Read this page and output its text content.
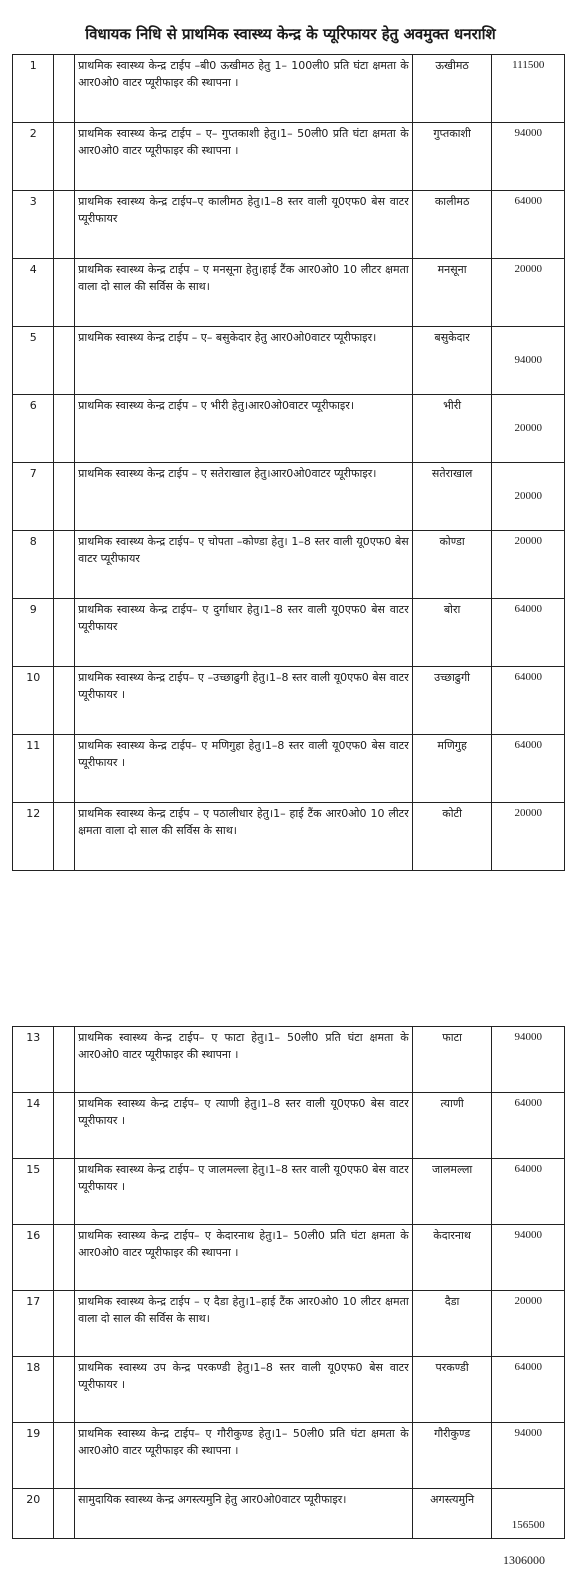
विधायक निधि से प्राथमिक स्वास्थ्य केन्द्र के प्यूरिफायर हेतु अवमुक्त धनराशि
1		प्राथमिक स्वास्थ्य केन्द्र टाईप –बी0 ऊखीमठ हेतु 1– 100ली0 प्रति घंटा क्षमता के आर0ओ0 वाटर प्यूरीफाइर की स्थापना ।	ऊखीमठ	111500
2		प्राथमिक स्वास्थ्य केन्द्र टाईप – ए– गुप्तकाशी हेतु।1– 50ली0 प्रति घंटा क्षमता के आर0ओ0 वाटर प्यूरीफाइर की स्थापना ।	गुप्तकाशी	94000
3		प्राथमिक स्वास्थ्य केन्द्र टाईप–ए कालीमठ हेतु।1–8 स्तर वाली यू0एफ0 बेस वाटर प्यूरीफायर	कालीमठ	64000
4		प्राथमिक स्वास्थ्य केन्द्र टाईप – ए मनसूना हेतु।हाई टैंक आर0ओ0 10 लीटर क्षमता वाला दो साल की सर्विस के साथ।	मनसूना	20000
5		प्राथमिक स्वास्थ्य केन्द्र टाईप – ए– बसुकेदार हेतु आर0ओ0वाटर प्यूरीफाइर।	बसुकेदार	94000
6		प्राथमिक स्वास्थ्य केन्द्र टाईप – ए भीरी हेतु।आर0ओ0वाटर प्यूरीफाइर।	भीरी	20000
7		प्राथमिक स्वास्थ्य केन्द्र टाईप – ए सतेराखाल हेतु।आर0ओ0वाटर प्यूरीफाइर।	सतेराखाल	20000
8		प्राथमिक स्वास्थ्य केन्द्र टाईप– ए चोपता –कोण्डा हेतु। 1–8 स्तर वाली यू0एफ0 बेस वाटर प्यूरीफायर	कोण्डा	20000
9		प्राथमिक स्वास्थ्य केन्द्र टाईप– ए दुर्गाधार हेतु।1–8 स्तर वाली यू0एफ0 बेस वाटर प्यूरीफायर	बोरा	64000
10		प्राथमिक स्वास्थ्य केन्द्र टाईप– ए –उच्छाढुगी हेतु।1–8 स्तर वाली यू0एफ0 बेस वाटर प्यूरीफायर ।	उच्छाढुगी	64000
11		प्राथमिक स्वास्थ्य केन्द्र टाईप– ए मणिगुहा हेतु।1–8 स्तर वाली यू0एफ0 बेस वाटर प्यूरीफायर ।	मणिगुह	64000
12		प्राथमिक स्वास्थ्य केन्द्र टाईप – ए पठालीधार हेतु।1– हाई टैंक आर0ओ0 10 लीटर क्षमता वाला दो साल की सर्विस के साथ।	कोटी	20000
13		प्राथमिक स्वास्थ्य केन्द्र टाईप– ए फाटा हेतु।1– 50ली0 प्रति घंटा क्षमता के आर0ओ0 वाटर प्यूरीफाइर की स्थापना ।	फाटा	94000
14		प्राथमिक स्वास्थ्य केन्द्र टाईप– ए त्याणी हेतु।1–8 स्तर वाली यू0एफ0 बेस वाटर प्यूरीफायर ।	त्याणी	64000
15		प्राथमिक स्वास्थ्य केन्द्र टाईप– ए जालमल्ला हेतु।1–8 स्तर वाली यू0एफ0 बेस वाटर प्यूरीफायर ।	जालमल्ला	64000
16		प्राथमिक स्वास्थ्य केन्द्र टाईप– ए केदारनाथ हेतु।1– 50ली0 प्रति घंटा क्षमता के आर0ओ0 वाटर प्यूरीफाइर की स्थापना ।	केदारनाथ	94000
17		प्राथमिक स्वास्थ्य केन्द्र टाईप – ए दैडा हेतु।1–हाई टैंक आर0ओ0 10 लीटर क्षमता वाला दो साल की सर्विस के साथ।	दैडा	20000
18		प्राथमिक स्वास्थ्य उप केन्द्र परकण्डी हेतु।1–8 स्तर वाली यू0एफ0 बेस वाटर प्यूरीफायर ।	परकण्डी	64000
19		प्राथमिक स्वास्थ्य केन्द्र टाईप– ए गौरीकुण्ड हेतु।1– 50ली0 प्रति घंटा क्षमता के आर0ओ0 वाटर प्यूरीफाइर की स्थापना ।	गौरीकुण्ड	94000
20		सामुदायिक स्वास्थ्य केन्द्र अगस्त्यमुनि हेतु आर0ओ0वाटर प्यूरीफाइर।	अगस्त्यमुनि	156500
1306000
